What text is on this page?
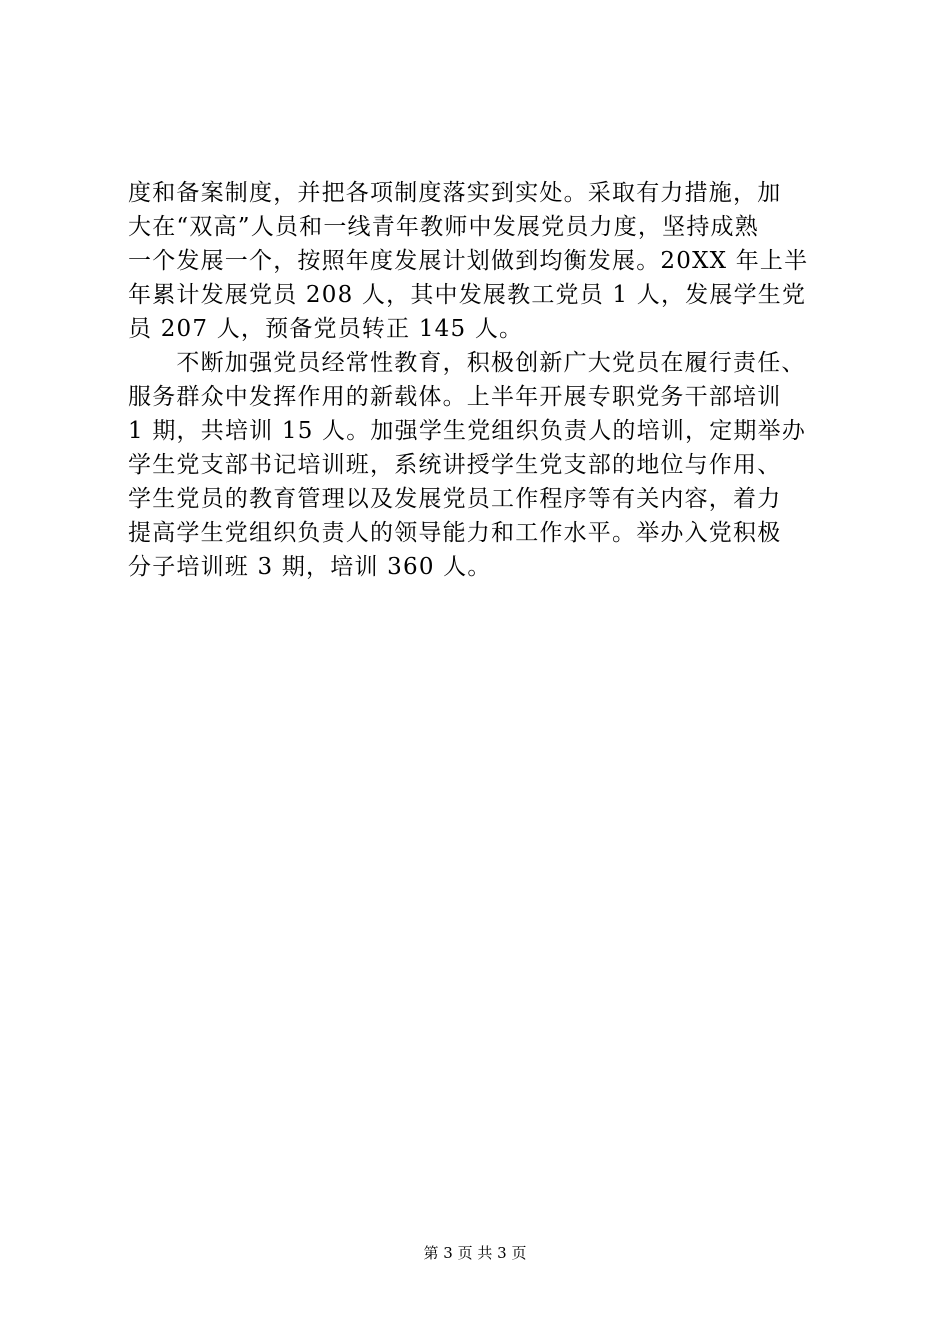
度和备案制度，并把各项制度落实到实处。采取有力措施，加
大在“双高”人员和一线青年教师中发展党员力度，坚持成熟
一个发展一个，按照年度发展计划做到均衡发展。20XX 年上半
年累计发展党员 208 人，其中发展教工党员 1 人，发展学生党
员 207 人，预备党员转正 145 人。
　　不断加强党员经常性教育，积极创新广大党员在履行责任、
服务群众中发挥作用的新载体。上半年开展专职党务干部培训
1 期，共培训 15 人。加强学生党组织负责人的培训，定期举办
学生党支部书记培训班，系统讲授学生党支部的地位与作用、
学生党员的教育管理以及发展党员工作程序等有关内容，着力
提高学生党组织负责人的领导能力和工作水平。举办入党积极
分子培训班 3 期，培训 360 人。
第 3 页 共 3 页
